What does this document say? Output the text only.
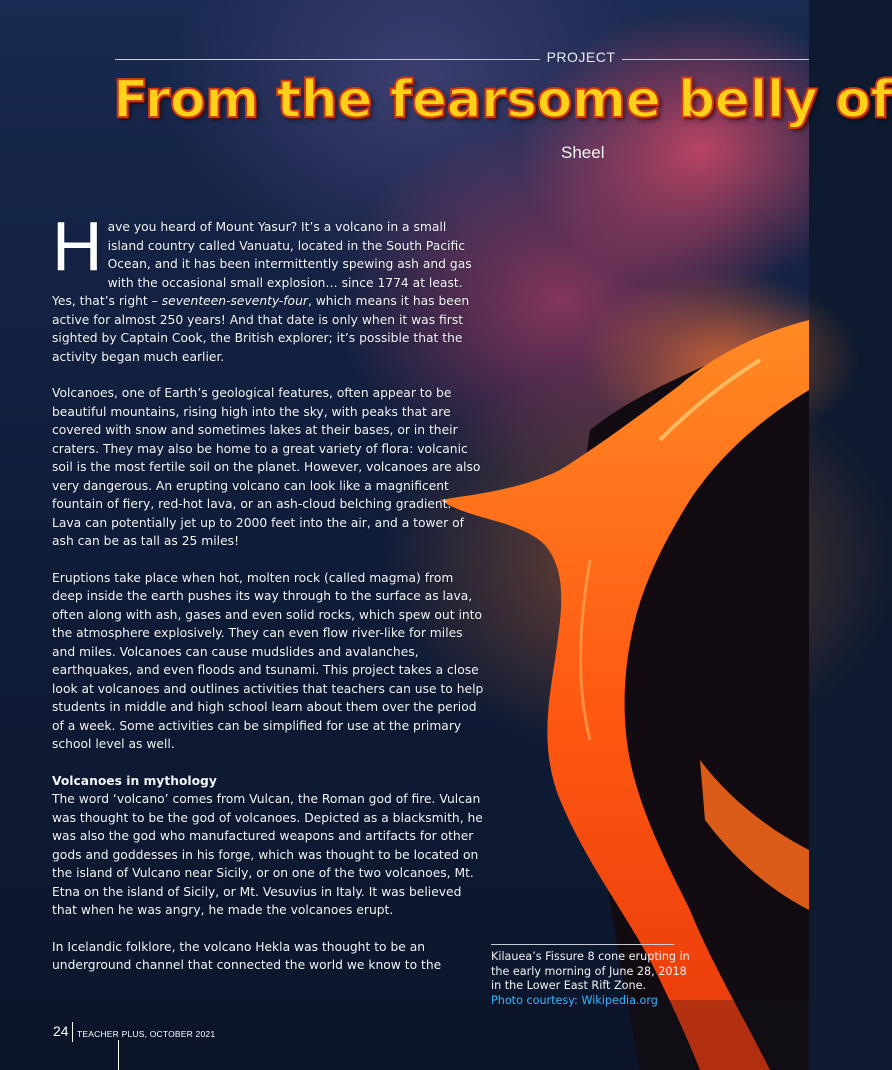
PROJECT
From the fearsome belly of
Sheel

Have you heard of Mount Yasur? It’s a volcano in a small island country called Vanuatu, located in the South Pacific Ocean, and it has been intermittently spewing ash and gas with the occasional small explosion… since 1774 at least. Yes, that’s right – seventeen-seventy-four, which means it has been active for almost 250 years! And that date is only when it was first sighted by Captain Cook, the British explorer; it’s possible that the activity began much earlier.

Volcanoes, one of Earth’s geological features, often appear to be beautiful mountains, rising high into the sky, with peaks that are covered with snow and sometimes lakes at their bases, or in their craters. They may also be home to a great variety of flora: volcanic soil is the most fertile soil on the planet. However, volcanoes are also very dangerous. An erupting volcano can look like a magnificent fountain of fiery, red-hot lava, or an ash-cloud belching gradient. Lava can potentially jet up to 2000 feet into the air, and a tower of ash can be as tall as 25 miles!

Eruptions take place when hot, molten rock (called magma) from deep inside the earth pushes its way through to the surface as lava, often along with ash, gases and even solid rocks, which spew out into the atmosphere explosively. They can even flow river-like for miles and miles. Volcanoes can cause mudslides and avalanches, earthquakes, and even floods and tsunami. This project takes a close look at volcanoes and outlines activities that teachers can use to help students in middle and high school learn about them over the period of a week. Some activities can be simplified for use at the primary school level as well.

Volcanoes in mythology

The word ‘volcano’ comes from Vulcan, the Roman god of fire. Vulcan was thought to be the god of volcanoes. Depicted as a blacksmith, he was also the god who manufactured weapons and artifacts for other gods and goddesses in his forge, which was thought to be located on the island of Vulcano near Sicily, or on one of the two volcanoes, Mt. Etna on the island of Sicily, or Mt. Vesuvius in Italy. It was believed that when he was angry, he made the volcanoes erupt.

In Icelandic folklore, the volcano Hekla was thought to be an underground channel that connected the world we know to the

Kilauea’s Fissure 8 cone erupting in the early morning of June 28, 2018 in the Lower East Rift Zone.
Photo courtesy: Wikipedia.org
24 TEACHER PLUS, OCTOBER 2021
